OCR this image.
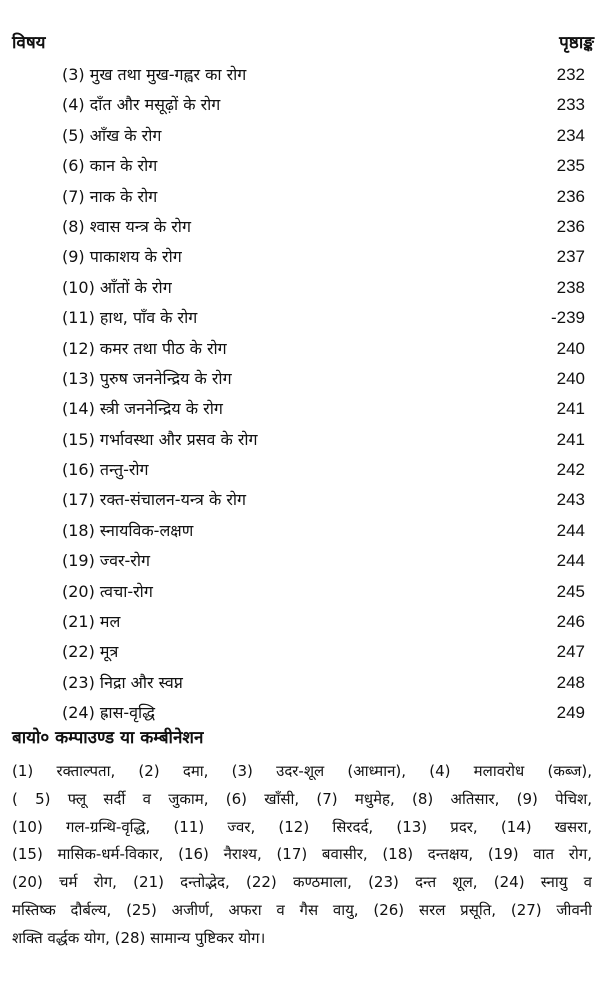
विषय	पृष्ठाङ्क
(3) मुख तथा मुख-गह्वर का रोग	232
(4) दाँत और मसूढ़ों के रोग	233
(5) आँख के रोग	234
(6) कान के रोग	235
(7) नाक के रोग	236
(8) श्वास यन्त्र के रोग	236
(9) पाकाशय के रोग	237
(10) आँतों के रोग	238
(11) हाथ, पाँव के रोग	-239
(12) कमर तथा पीठ के रोग	240
(13) पुरुष जननेन्द्रिय के रोग	240
(14) स्त्री जननेन्द्रिय के रोग	241
(15) गर्भावस्था और प्रसव के रोग	241
(16) तन्तु-रोग	242
(17) रक्त-संचालन-यन्त्र के रोग	243
(18) स्नायविक-लक्षण	244
(19) ज्वर-रोग	244
(20) त्वचा-रोग	245
(21) मल	246
(22) मूत्र	247
(23) निद्रा और स्वप्न	248
(24) ह्रास-वृद्धि	249
बायो० कम्पाउण्ड या कम्बीनेशन
(1) रक्ताल्पता, (2) दमा, (3) उदर-शूल (आध्मान), (4) मलावरोध (कब्ज),
( 5) फ्लू सर्दी व जुकाम, (6) खाँसी, (7) मधुमेह, (8) अतिसार, (9) पेचिश,
(10) गल-ग्रन्थि-वृद्धि, (11) ज्वर, (12) सिरदर्द, (13) प्रदर, (14) खसरा,
(15) मासिक-धर्म-विकार, (16) नैराश्य, (17) बवासीर, (18) दन्तक्षय, (19) वात रोग,
(20) चर्म रोग, (21) दन्तोद्भेद, (22) कण्ठमाला, (23) दन्त शूल, (24) स्नायु व
मस्तिष्क दौर्बल्य, (25) अजीर्ण, अफरा व गैस वायु, (26) सरल प्रसूति, (27) जीवनी
शक्ति वर्द्धक योग, (28) सामान्य पुष्टिकर योग।
